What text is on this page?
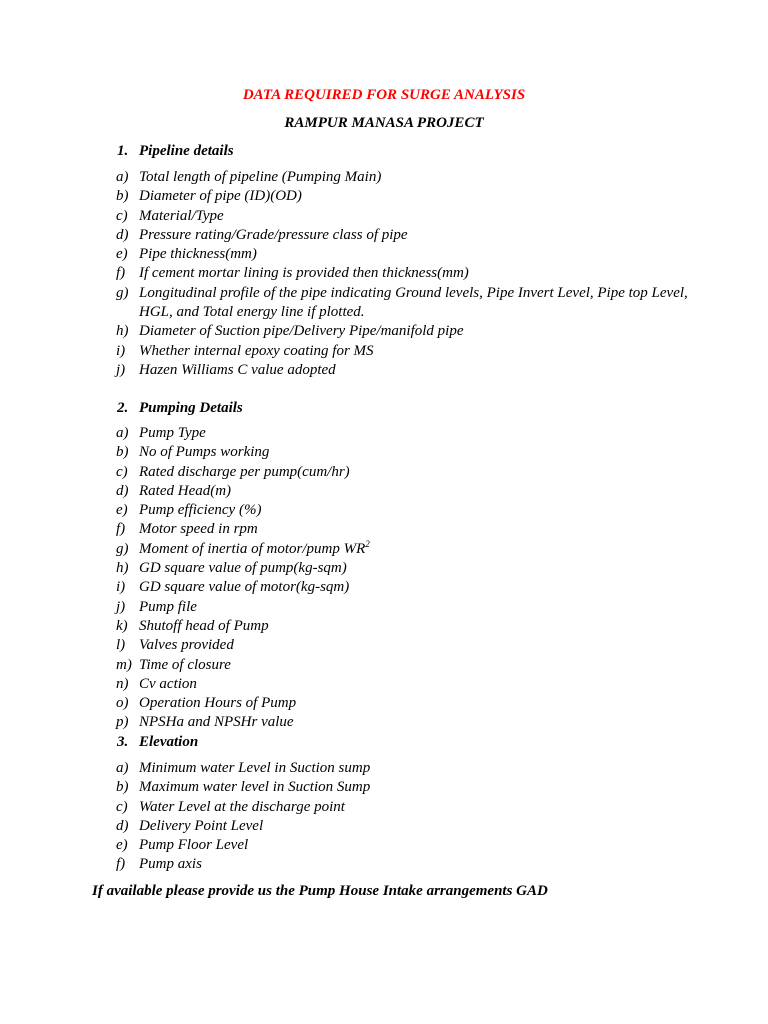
DATA REQUIRED FOR SURGE ANALYSIS
RAMPUR MANASA PROJECT
1. Pipeline details
a) Total length of pipeline (Pumping Main)
b) Diameter of pipe (ID)(OD)
c) Material/Type
d) Pressure rating/Grade/pressure class of pipe
e) Pipe thickness(mm)
f) If cement mortar lining is provided then thickness(mm)
g) Longitudinal profile of the pipe indicating Ground levels, Pipe Invert Level, Pipe top Level, HGL, and Total energy line if plotted.
h) Diameter of Suction pipe/Delivery Pipe/manifold pipe
i) Whether internal epoxy coating for MS
j) Hazen Williams C value adopted
2. Pumping Details
a) Pump Type
b) No of Pumps working
c) Rated discharge per pump(cum/hr)
d) Rated Head(m)
e) Pump efficiency (%)
f) Motor speed in rpm
g) Moment of inertia of motor/pump $WR^2$
h) GD square value of pump(kg-sqm)
i) GD square value of motor(kg-sqm)
j) Pump file
k) Shutoff head of Pump
l) Valves provided
m) Time of closure
n) Cv action
o) Operation Hours of Pump
p) NPSHa and NPSHr value
3. Elevation
a) Minimum water Level in Suction sump
b) Maximum water level in Suction Sump
c) Water Level at the discharge point
d) Delivery Point Level
e) Pump Floor Level
f) Pump axis
If available please provide us the Pump House Intake arrangements GAD
